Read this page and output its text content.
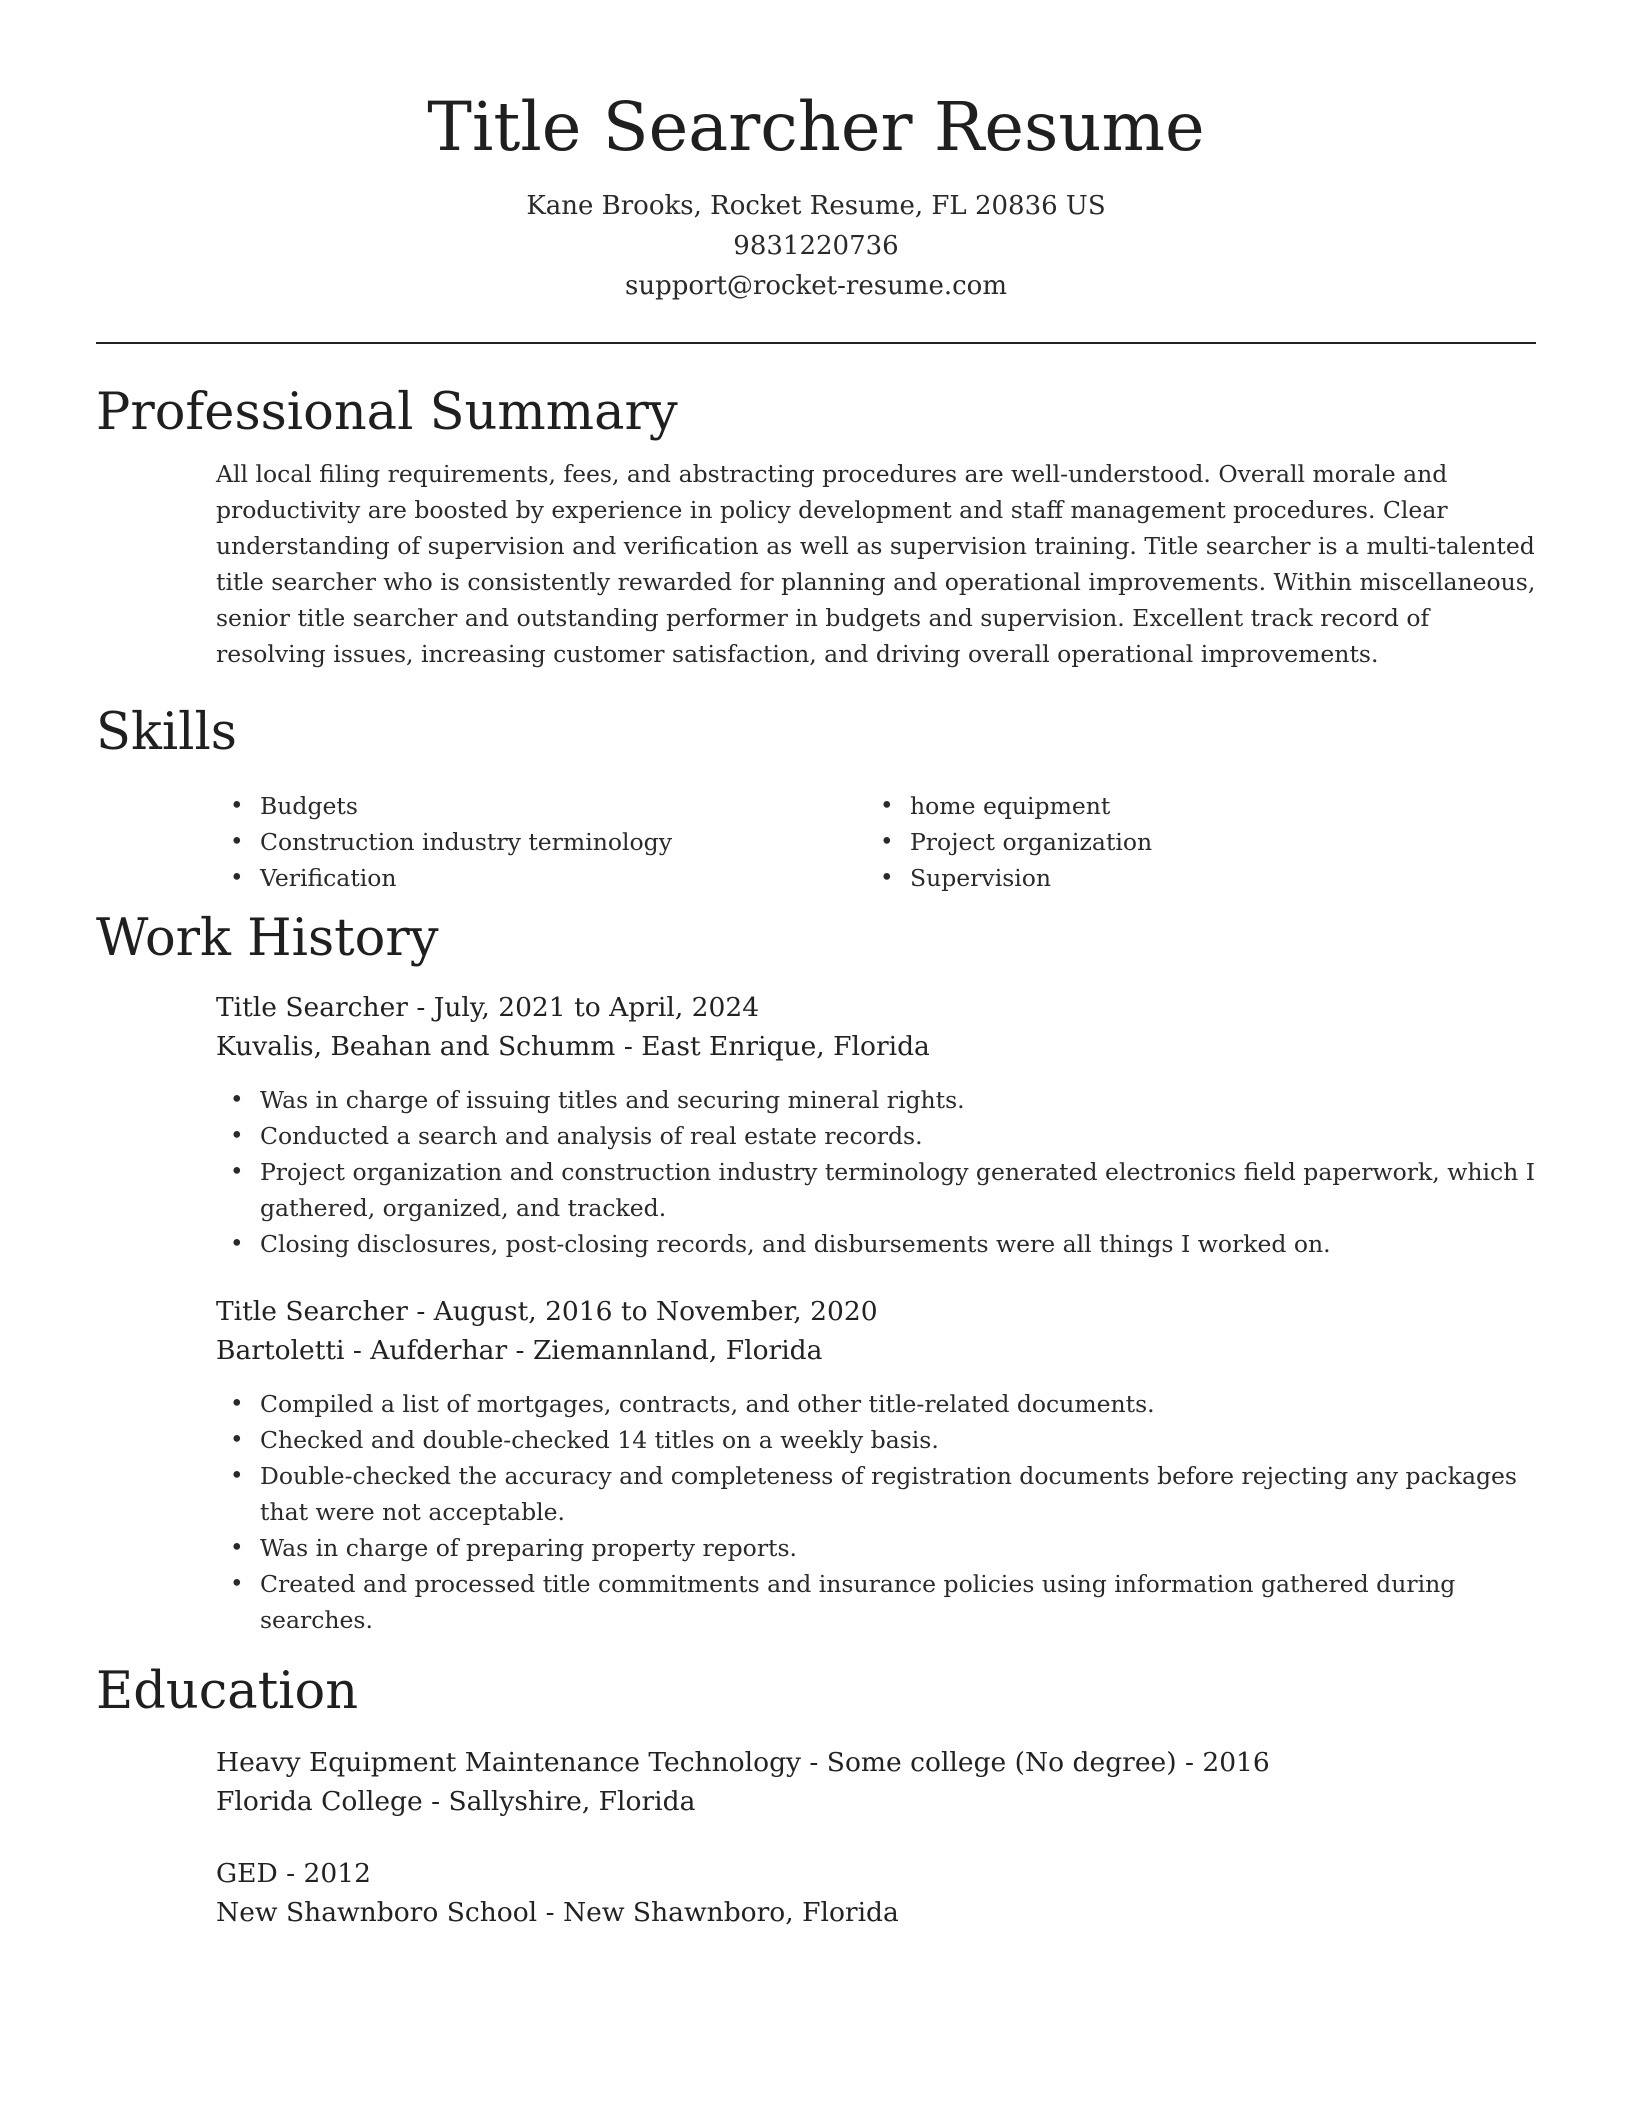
Title Searcher Resume
Kane Brooks, Rocket Resume, FL 20836 US
9831220736
support@rocket-resume.com
Professional Summary
All local filing requirements, fees, and abstracting procedures are well-understood. Overall morale and productivity are boosted by experience in policy development and staff management procedures. Clear understanding of supervision and verification as well as supervision training. Title searcher is a multi-talented title searcher who is consistently rewarded for planning and operational improvements. Within miscellaneous, senior title searcher and outstanding performer in budgets and supervision. Excellent track record of resolving issues, increasing customer satisfaction, and driving overall operational improvements.
Skills
• Budgets
• Construction industry terminology
• Verification
• home equipment
• Project organization
• Supervision
Work History
Title Searcher - July, 2021 to April, 2024
Kuvalis, Beahan and Schumm - East Enrique, Florida
• Was in charge of issuing titles and securing mineral rights.
• Conducted a search and analysis of real estate records.
• Project organization and construction industry terminology generated electronics field paperwork, which I gathered, organized, and tracked.
• Closing disclosures, post-closing records, and disbursements were all things I worked on.
Title Searcher - August, 2016 to November, 2020
Bartoletti - Aufderhar - Ziemannland, Florida
• Compiled a list of mortgages, contracts, and other title-related documents.
• Checked and double-checked 14 titles on a weekly basis.
• Double-checked the accuracy and completeness of registration documents before rejecting any packages that were not acceptable.
• Was in charge of preparing property reports.
• Created and processed title commitments and insurance policies using information gathered during searches.
Education
Heavy Equipment Maintenance Technology - Some college (No degree) - 2016
Florida College - Sallyshire, Florida
GED - 2012
New Shawnboro School - New Shawnboro, Florida
